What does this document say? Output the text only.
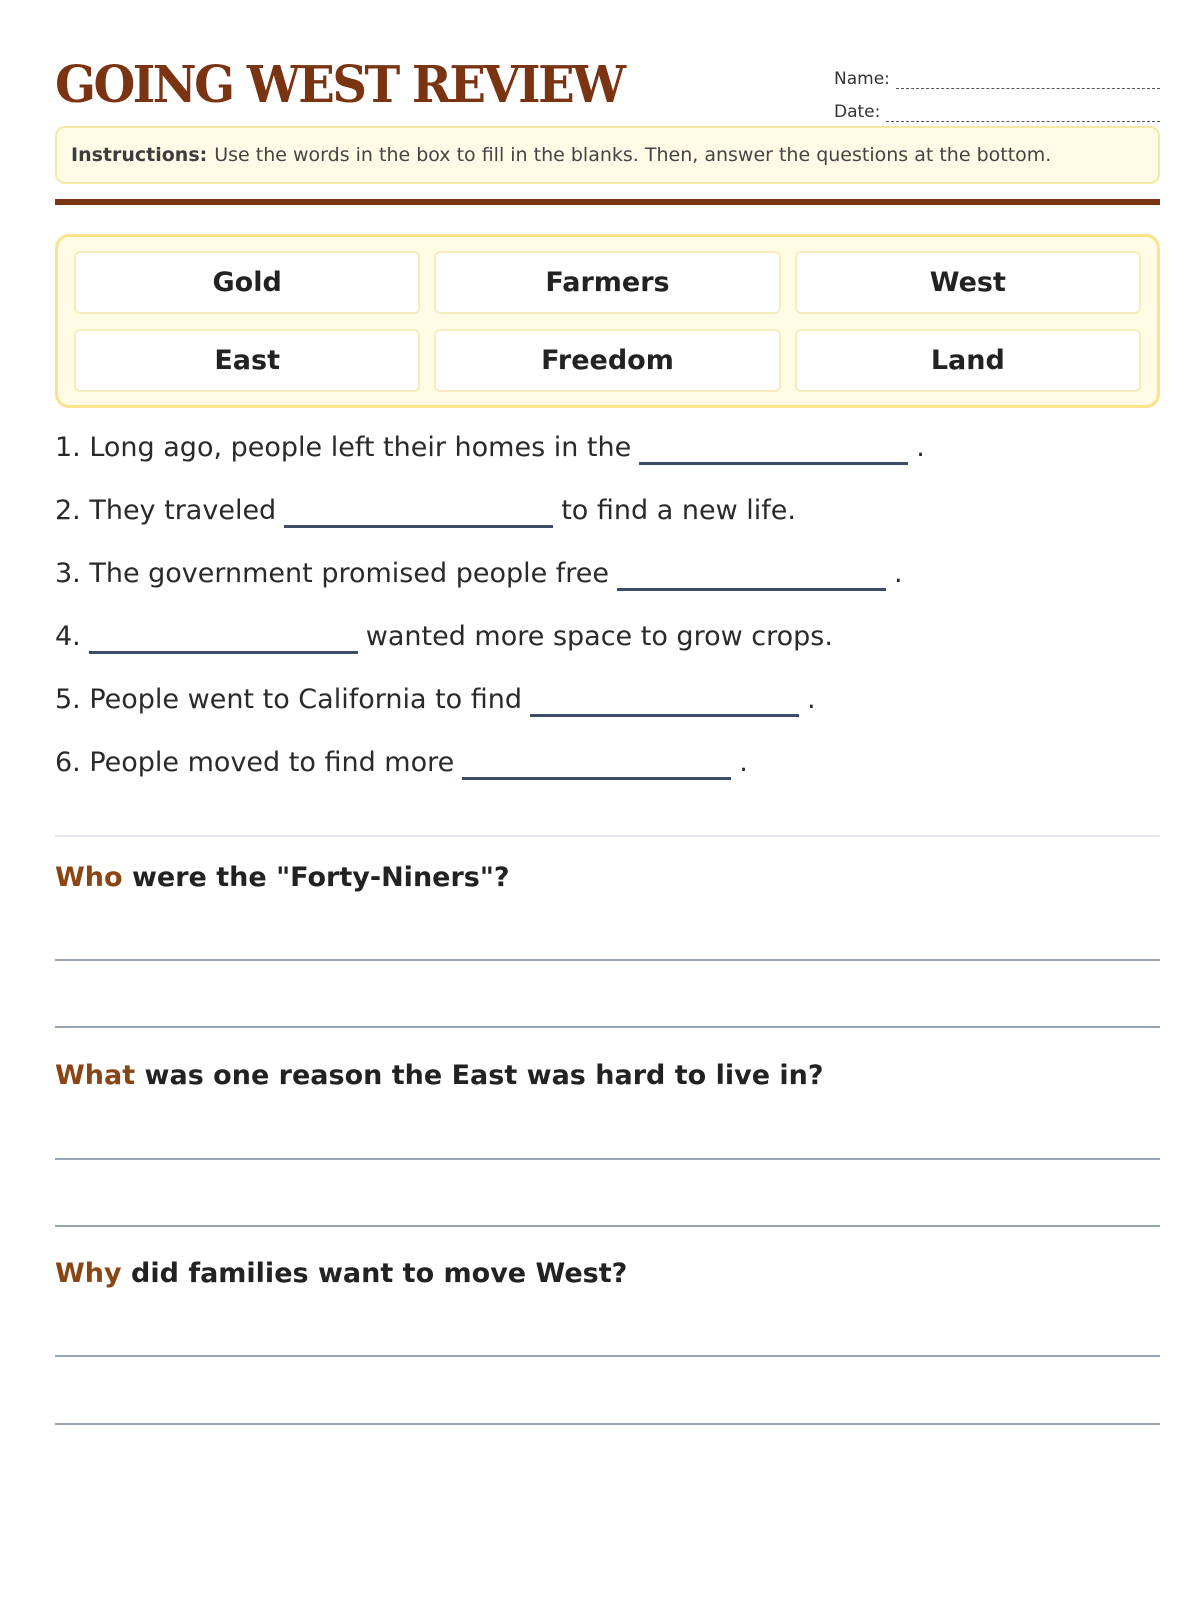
GOING WEST REVIEW	Name:
Date:
Instructions: Use the words in the box to fill in the blanks. Then, answer the questions at the bottom.
Gold	Farmers	West
East	Freedom	Land
1. Long ago, people left their homes in the	.
2. They traveled	to find a new life.
3. The government promised people free	.
4.	wanted more space to grow crops.
5. People went to California to find	.
6. People moved to find more	.
Who were the "Forty-Niners"?
What was one reason the East was hard to live in?
Why did families want to move West?
